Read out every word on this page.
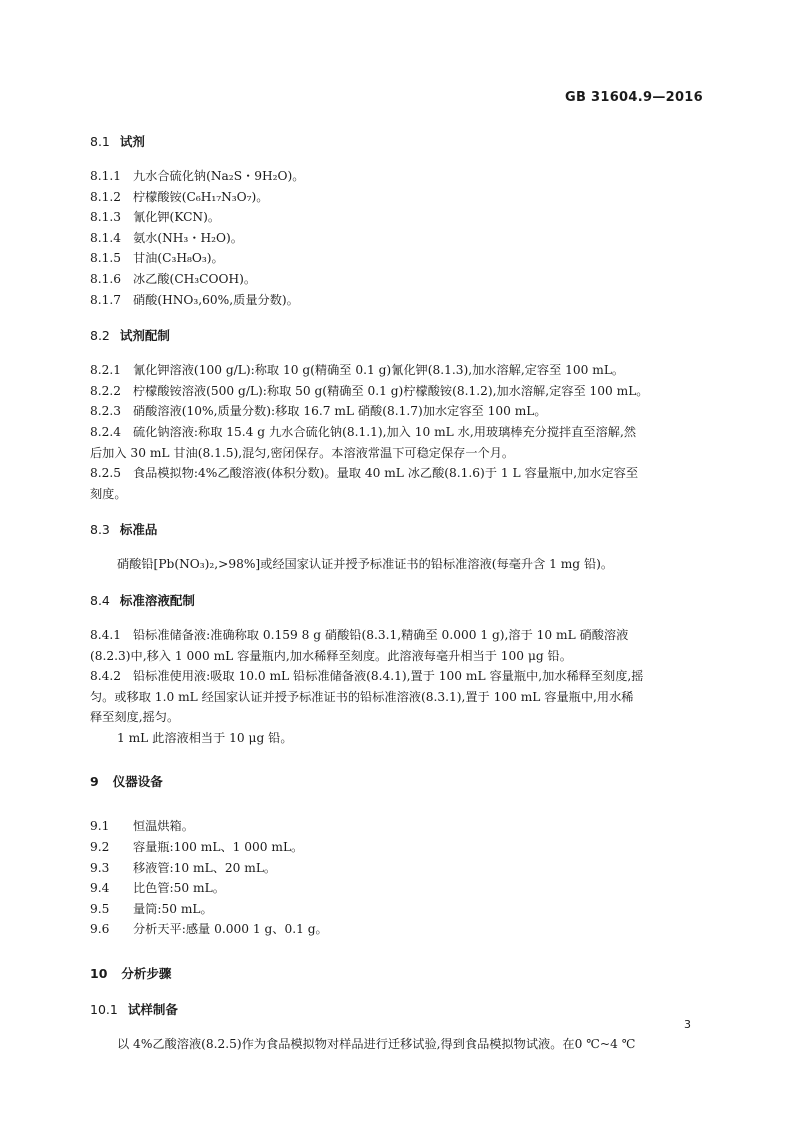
GB 31604.9—2016
8.1 试剂
8.1.1 九水合硫化钠(Na₂S・9H₂O)。
8.1.2 柠檬酸铵(C₆H₁₇N₃O₇)。
8.1.3 氰化钾(KCN)。
8.1.4 氨水(NH₃・H₂O)。
8.1.5 甘油(C₃H₈O₃)。
8.1.6 冰乙酸(CH₃COOH)。
8.1.7 硝酸(HNO₃,60%,质量分数)。
8.2 试剂配制
8.2.1 氰化钾溶液(100 g/L):称取 10 g(精确至 0.1 g)氰化钾(8.1.3),加水溶解,定容至 100 mL。
8.2.2 柠檬酸铵溶液(500 g/L):称取 50 g(精确至 0.1 g)柠檬酸铵(8.1.2),加水溶解,定容至 100 mL。
8.2.3 硝酸溶液(10%,质量分数):移取 16.7 mL 硝酸(8.1.7)加水定容至 100 mL。
8.2.4 硫化钠溶液:称取 15.4 g 九水合硫化钠(8.1.1),加入 10 mL 水,用玻璃棒充分搅拌直至溶解,然
后加入 30 mL 甘油(8.1.5),混匀,密闭保存。本溶液常温下可稳定保存一个月。
8.2.5 食品模拟物:4%乙酸溶液(体积分数)。量取 40 mL 冰乙酸(8.1.6)于 1 L 容量瓶中,加水定容至
刻度。
8.3 标准品
硝酸铅[Pb(NO₃)₂,>98%]或经国家认证并授予标准证书的铅标准溶液(每毫升含 1 mg 铅)。
8.4 标准溶液配制
8.4.1 铅标准储备液:准确称取 0.159 8 g 硝酸铅(8.3.1,精确至 0.000 1 g),溶于 10 mL 硝酸溶液
(8.2.3)中,移入 1 000 mL 容量瓶内,加水稀释至刻度。此溶液每毫升相当于 100 μg 铅。
8.4.2 铅标准使用液:吸取 10.0 mL 铅标准储备液(8.4.1),置于 100 mL 容量瓶中,加水稀释至刻度,摇
匀。或移取 1.0 mL 经国家认证并授予标准证书的铅标准溶液(8.3.1),置于 100 mL 容量瓶中,用水稀
释至刻度,摇匀。
1 mL 此溶液相当于 10 μg 铅。
9 仪器设备
9.1 恒温烘箱。
9.2 容量瓶:100 mL、1 000 mL。
9.3 移液管:10 mL、20 mL。
9.4 比色管:50 mL。
9.5 量筒:50 mL。
9.6 分析天平:感量 0.000 1 g、0.1 g。
10 分析步骤
10.1 试样制备
以 4%乙酸溶液(8.2.5)作为食品模拟物对样品进行迁移试验,得到食品模拟物试液。在0 ℃~4 ℃
3
